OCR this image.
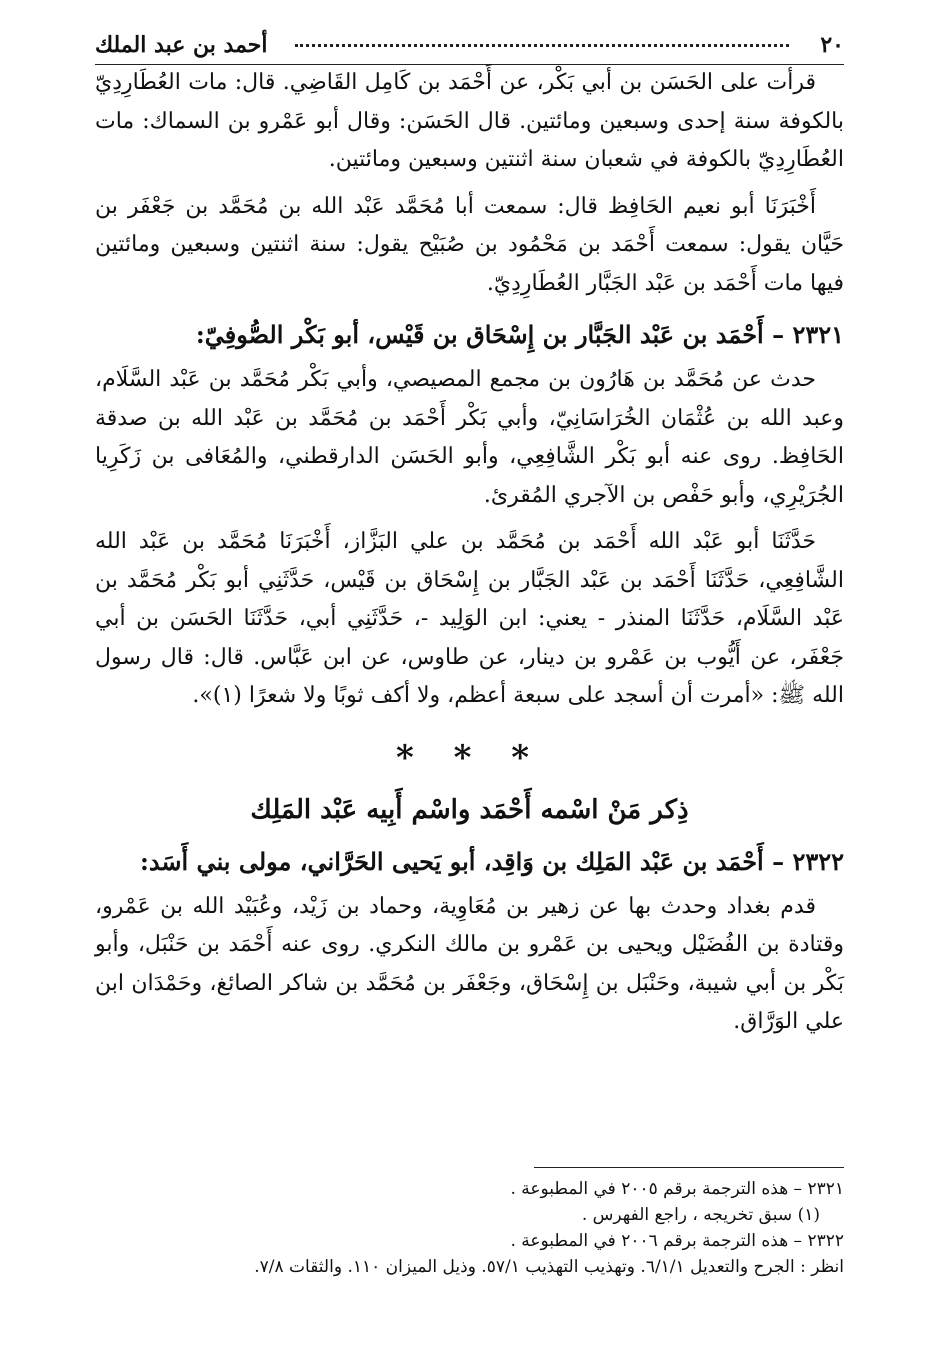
٢٠
أحمد بن عبد الملك

قرأت على الحَسَن بن أبي بَكْر، عن أَحْمَد بن كَامِل القَاضِي. قال: مات العُطَارِدِيّ بالكوفة سنة إحدى وسبعين ومائتين. قال الحَسَن: وقال أبو عَمْرو بن السماك: مات العُطَارِدِيّ بالكوفة في شعبان سنة اثنتين وسبعين ومائتين.

أَخْبَرَنَا أبو نعيم الحَافِظ قال: سمعت أبا مُحَمَّد عَبْد الله بن مُحَمَّد بن جَعْفَر بن حَيَّان يقول: سمعت أَحْمَد بن مَحْمُود بن صُبَيْح يقول: سنة اثنتين وسبعين ومائتين فيها مات أَحْمَد بن عَبْد الجَبَّار العُطَارِدِيّ.

٢٣٢١ – أَحْمَد بن عَبْد الجَبَّار بن إِسْحَاق بن قَيْس، أبو بَكْر الصُّوفِيّ:

حدث عن مُحَمَّد بن هَارُون بن مجمع المصيصي، وأبي بَكْر مُحَمَّد بن عَبْد السَّلَام، وعبد الله بن عُثْمَان الخُرَاسَانِيّ، وأبي بَكْر أَحْمَد بن مُحَمَّد بن عَبْد الله بن صدقة الحَافِظ. روى عنه أبو بَكْر الشَّافِعِي، وأبو الحَسَن الدارقطني، والمُعَافى بن زَكَرِيا الجُرَيْرِي، وأبو حَفْص بن الآجري المُقرئ.

حَدَّثَنَا أبو عَبْد الله أَحْمَد بن مُحَمَّد بن علي البَزَّاز، أَخْبَرَنَا مُحَمَّد بن عَبْد الله الشَّافِعِي، حَدَّثَنَا أَحْمَد بن عَبْد الجَبَّار بن إِسْحَاق بن قَيْس، حَدَّثَنِي أبو بَكْر مُحَمَّد بن عَبْد السَّلَام، حَدَّثَنَا المنذر - يعني: ابن الوَلِيد -، حَدَّثَنِي أبي، حَدَّثَنَا الحَسَن بن أبي جَعْفَر، عن أَيُّوب بن عَمْرو بن دينار، عن طاوس، عن ابن عَبَّاس. قال: قال رسول الله ﷺ: «أمرت أن أسجد على سبعة أعظم، ولا أكف ثوبًا ولا شعرًا (١)».

* * *
ذِكر مَنْ اسْمه أَحْمَد واسْم أَبِيه عَبْد المَلِك
٢٣٢٢ – أَحْمَد بن عَبْد المَلِك بن وَاقِد، أبو يَحيى الحَرَّاني، مولى بني أَسَد:

قدم بغداد وحدث بها عن زهير بن مُعَاوِية، وحماد بن زَيْد، وعُبَيْد الله بن عَمْرو، وقتادة بن الفُضَيْل ويحيى بن عَمْرو بن مالك النكري. روى عنه أَحْمَد بن حَنْبَل، وأبو بَكْر بن أبي شيبة، وحَنْبَل بن إِسْحَاق، وجَعْفَر بن مُحَمَّد بن شاكر الصائغ، وحَمْدَان ابن علي الوَرَّاق.

٢٣٢١ – هذه الترجمة برقم ٢٠٠٥ في المطبوعة .
(١) سبق تخريجه ، راجع الفهرس .
٢٣٢٢ – هذه الترجمة برقم ٢٠٠٦ في المطبوعة .
انظر : الجرح والتعديل ٦/١/١. وتهذيب التهذيب ٥٧/١. وذيل الميزان ١١٠. والثقات ٧/٨.
